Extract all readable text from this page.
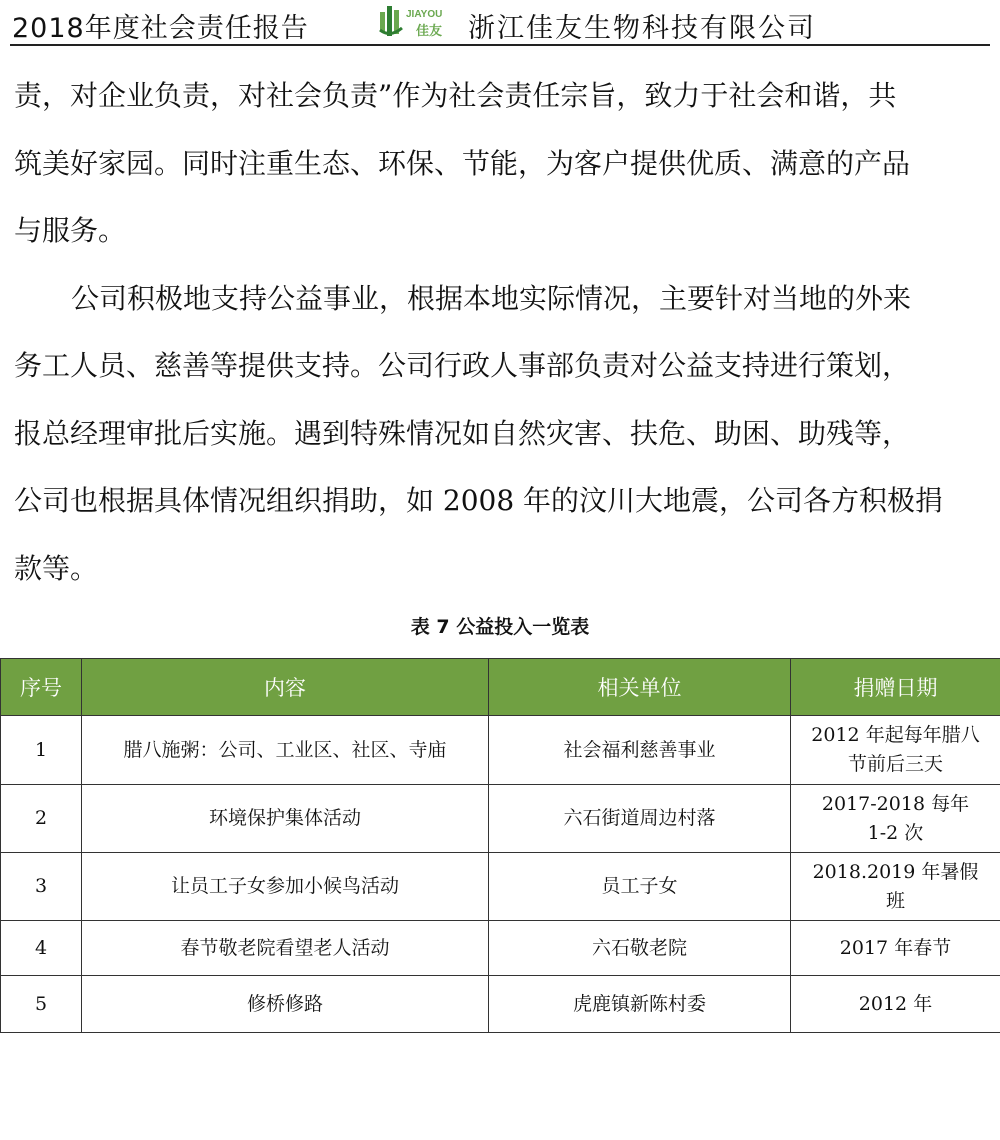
2018年度社会责任报告	JIAYOU
佳友 浙江佳友生物科技有限公司
责，对企业负责，对社会负责”作为社会责任宗旨，致力于社会和谐，共
筑美好家园。同时注重生态、环保、节能，为客户提供优质、满意的产品
与服务。
公司积极地支持公益事业，根据本地实际情况，主要针对当地的外来
务工人员、慈善等提供支持。公司行政人事部负责对公益支持进行策划，
报总经理审批后实施。遇到特殊情况如自然灾害、扶危、助困、助残等，
公司也根据具体情况组织捐助，如 2008 年的汶川大地震，公司各方积极捐
款等。
表 7 公益投入一览表
序号	内容	相关单位	捐赠日期
1	腊八施粥：公司、工业区、社区、寺庙	社会福利慈善事业	2012 年起每年腊八
节前后三天

2	环境保护集体活动	六石街道周边村落	2017-2018 每年
1-2 次

3	让员工子女参加小候鸟活动	员工子女	2018.2019 年暑假
班

4	春节敬老院看望老人活动	六石敬老院	2017 年春节

5	修桥修路	虎鹿镇新陈村委	2012 年
